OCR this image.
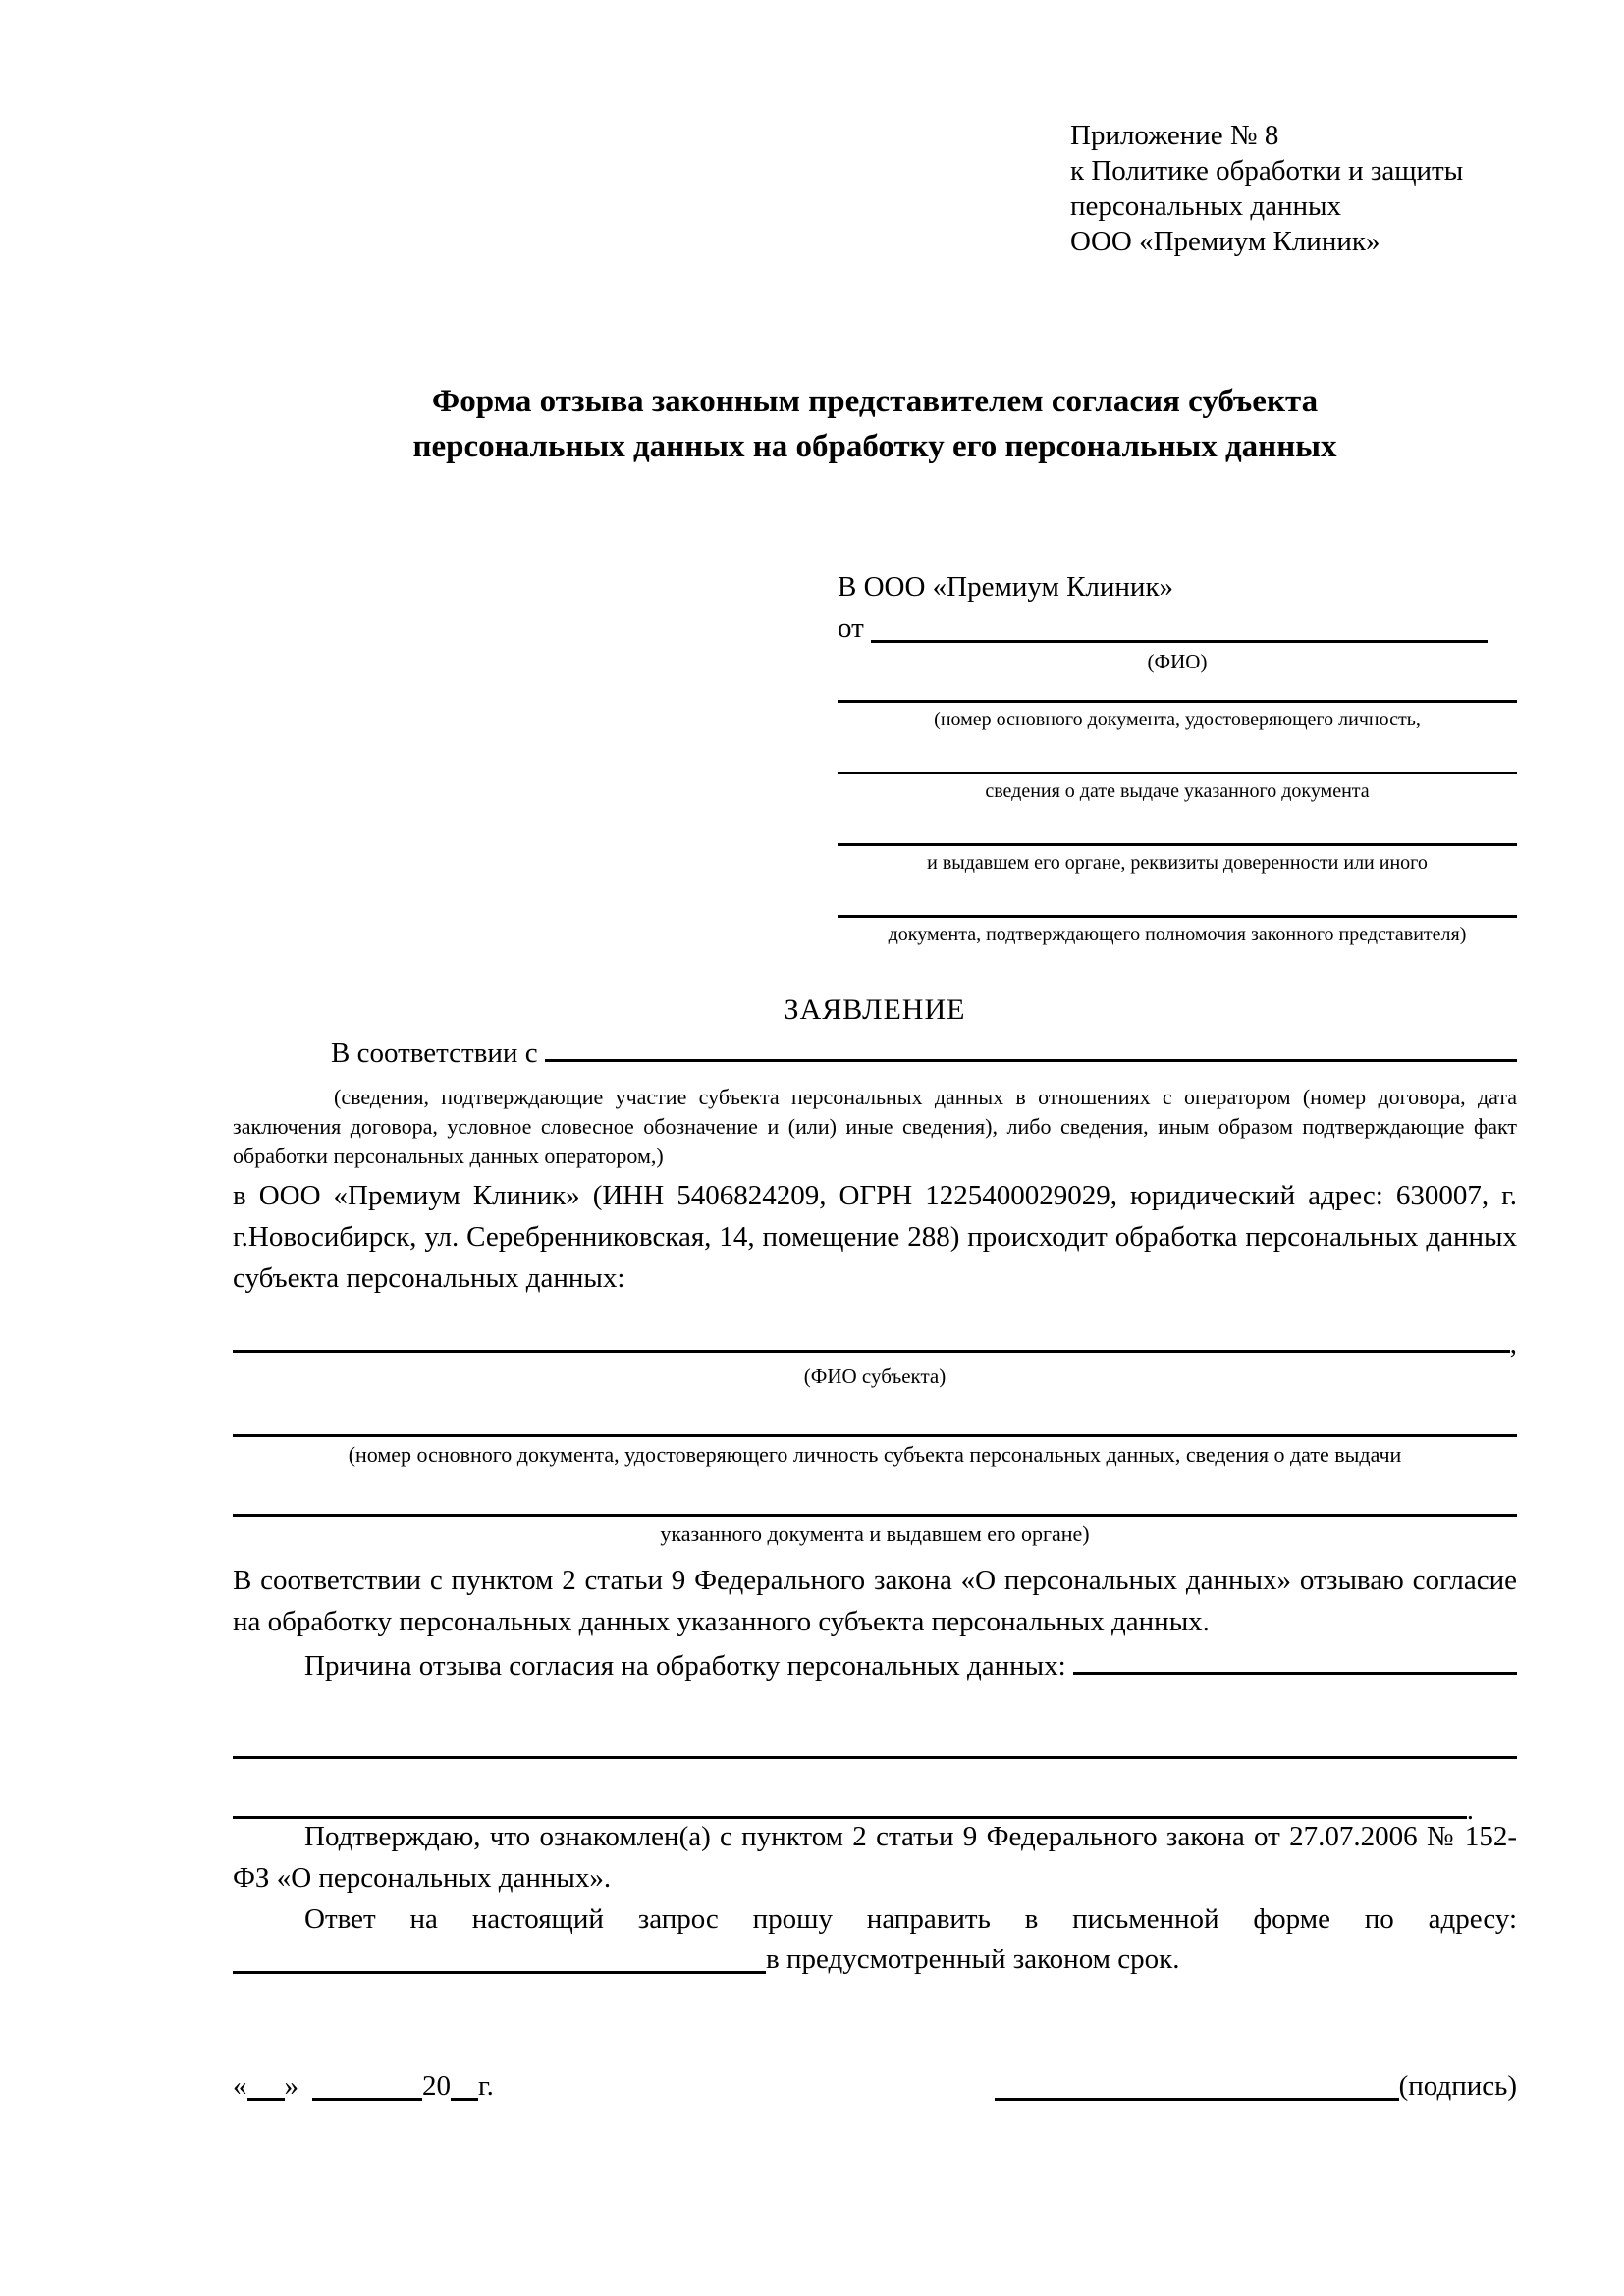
Приложение № 8
к Политике обработки и защиты
персональных данных
ООО «Премиум Клиник»
Форма отзыва законным представителем согласия субъекта
персональных данных на обработку его персональных данных
В ООО «Премиум Клиник»
от
(ФИО)
(номер основного документа, удостоверяющего личность,
сведения о дате выдаче указанного документа
и выдавшем его органе, реквизиты доверенности или иного
документа, подтверждающего полномочия законного представителя)
ЗАЯВЛЕНИЕ
В соответствии с

(сведения, подтверждающие участие субъекта персональных данных в отношениях с оператором (номер договора, дата заключения договора, условное словесное обозначение и (или) иные сведения), либо сведения, иным образом подтверждающие факт обработки персональных данных оператором,)

в ООО «Премиум Клиник» (ИНН 5406824209, ОГРН 1225400029029, юридический адрес: 630007, г. г.Новосибирск, ул. Серебренниковская, 14, помещение 288) происходит обработка персональных данных субъекта персональных данных:

,
(ФИО субъекта)
(номер основного документа, удостоверяющего личность субъекта персональных данных, сведения о дате выдачи
указанного документа и выдавшем его органе)

В соответствии с пунктом 2 статьи 9 Федерального закона «О персональных данных» отзываю согласие на обработку персональных данных указанного субъекта персональных данных.

Причина отзыва согласия на обработку персональных данных:

.

Подтверждаю, что ознакомлен(а) с пунктом 2 статьи 9 Федерального закона от 27.07.2006 № 152-ФЗ «О персональных данных».

Ответ на настоящий запрос прошу направить в письменной форме по адресу:

в предусмотренный законом срок.
« »	20 г.	(подпись)
